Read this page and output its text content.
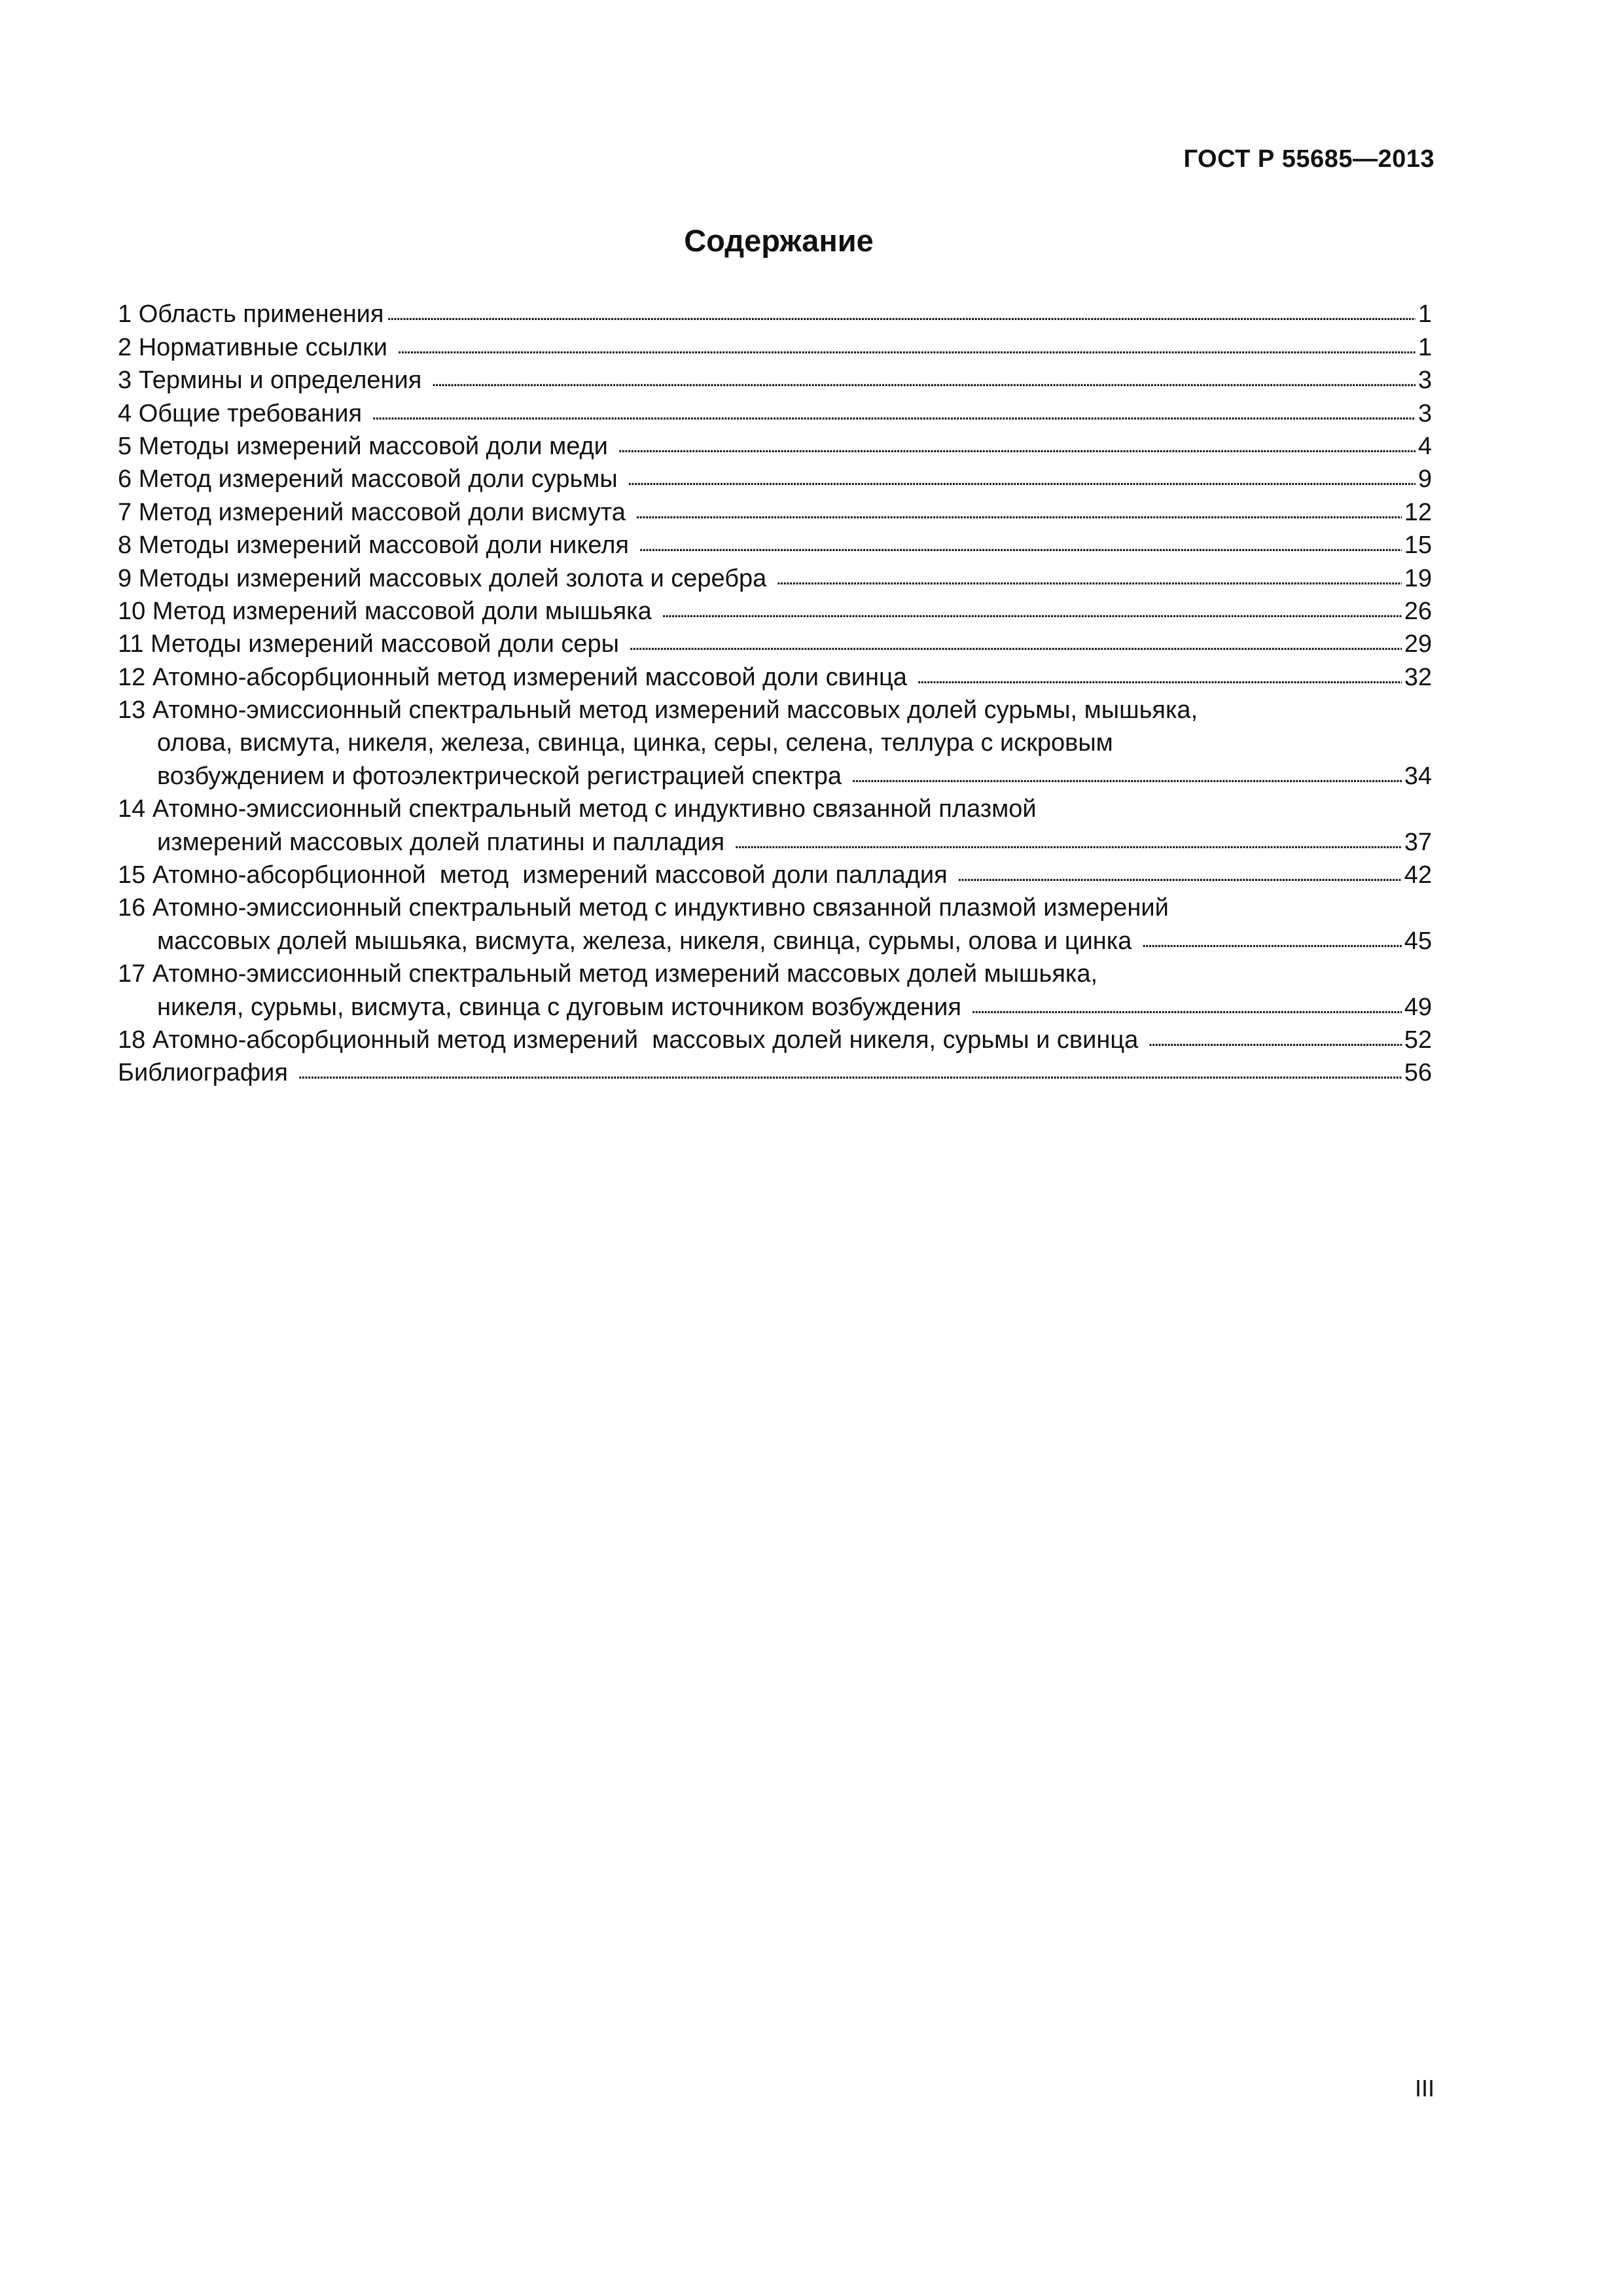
ГОСТ Р 55685—2013
Содержание
1 Область применения . . .	1
2 Нормативные ссылки . . .	1
3 Термины и определения . . .	3
4 Общие требования . . .	3
5 Методы измерений массовой доли меди . . .	4
6 Метод измерений массовой доли сурьмы . . .	9
7 Метод измерений массовой доли висмута . . .	12
8 Методы измерений массовой доли никеля . . .	15
9 Методы измерений массовых долей золота и серебра . . .	19
10 Метод измерений массовой доли мышьяка . . .	26
11 Методы измерений массовой доли серы . . .	29
12 Атомно-абсорбционный метод измерений массовой доли свинца . . .	32
13 Атомно-эмиссионный спектральный метод измерений массовых долей сурьмы, мышьяка,
олова, висмута, никеля, железа, свинца, цинка, серы, селена, теллура с искровым
возбуждением и фотоэлектрической регистрацией спектра . . .	34
14 Атомно-эмиссионный спектральный метод с индуктивно связанной плазмой
измерений массовых долей платины и палладия . . .	37
15 Атомно-абсорбционной  метод  измерений массовой доли палладия . . .	42
16 Атомно-эмиссионный спектральный метод с индуктивно связанной плазмой измерений
массовых долей мышьяка, висмута, железа, никеля, свинца, сурьмы, олова и цинка . . .	45
17 Атомно-эмиссионный спектральный метод измерений массовых долей мышьяка,
никеля, сурьмы, висмута, свинца с дуговым источником возбуждения . . .	49
18 Атомно-абсорбционный метод измерений  массовых долей никеля, сурьмы и свинца . . .	52
Библиография . . .	56
III
